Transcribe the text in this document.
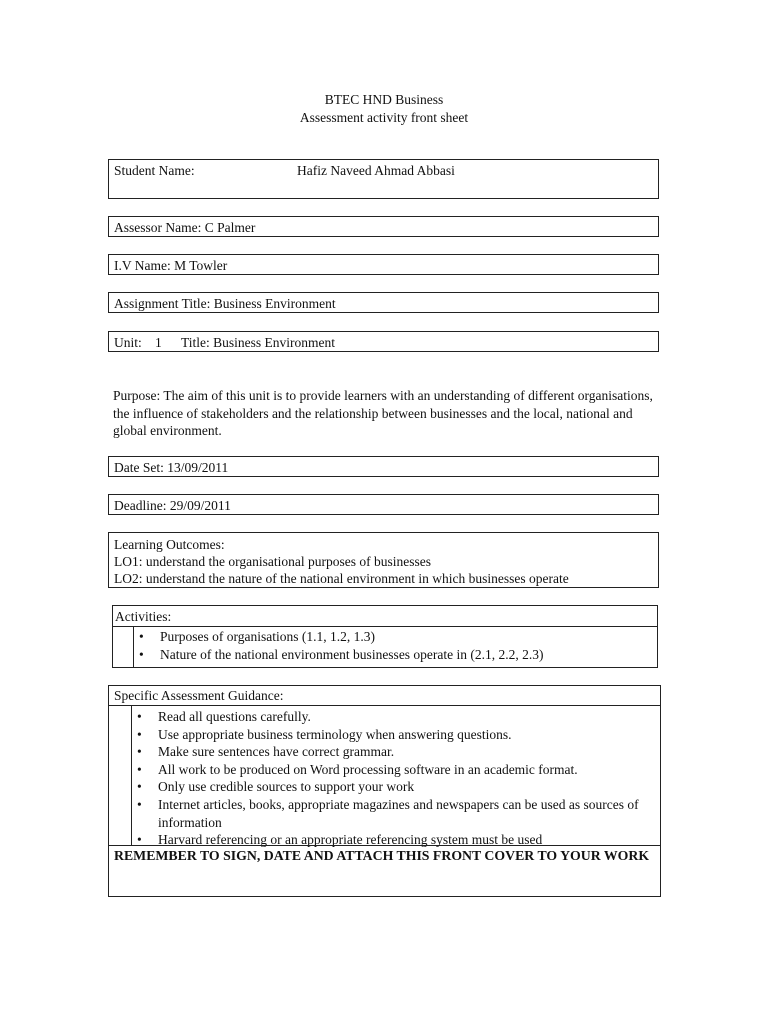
BTEC HND Business
Assessment activity front sheet
Student Name:	Hafiz Naveed Ahmad Abbasi
Assessor Name: C Palmer
I.V Name: M Towler
Assignment Title: Business Environment
Unit: 1 Title: Business Environment
Purpose: The aim of this unit is to provide learners with an understanding of different organisations, the influence of stakeholders and the relationship between businesses and the local, national and global environment.
Date Set: 13/09/2011
Deadline: 29/09/2011
Learning Outcomes:
LO1: understand the organisational purposes of businesses
LO2: understand the nature of the national environment in which businesses operate
Activities:
• Purposes of organisations (1.1, 1.2, 1.3)
• Nature of the national environment businesses operate in (2.1, 2.2, 2.3)
Specific Assessment Guidance:
• Read all questions carefully.
• Use appropriate business terminology when answering questions.
• Make sure sentences have correct grammar.
• All work to be produced on Word processing software in an academic format.
• Only use credible sources to support your work
• Internet articles, books, appropriate magazines and newspapers can be used as sources of information
• Harvard referencing or an appropriate referencing system must be used
REMEMBER TO SIGN, DATE AND ATTACH THIS FRONT COVER TO YOUR WORK
